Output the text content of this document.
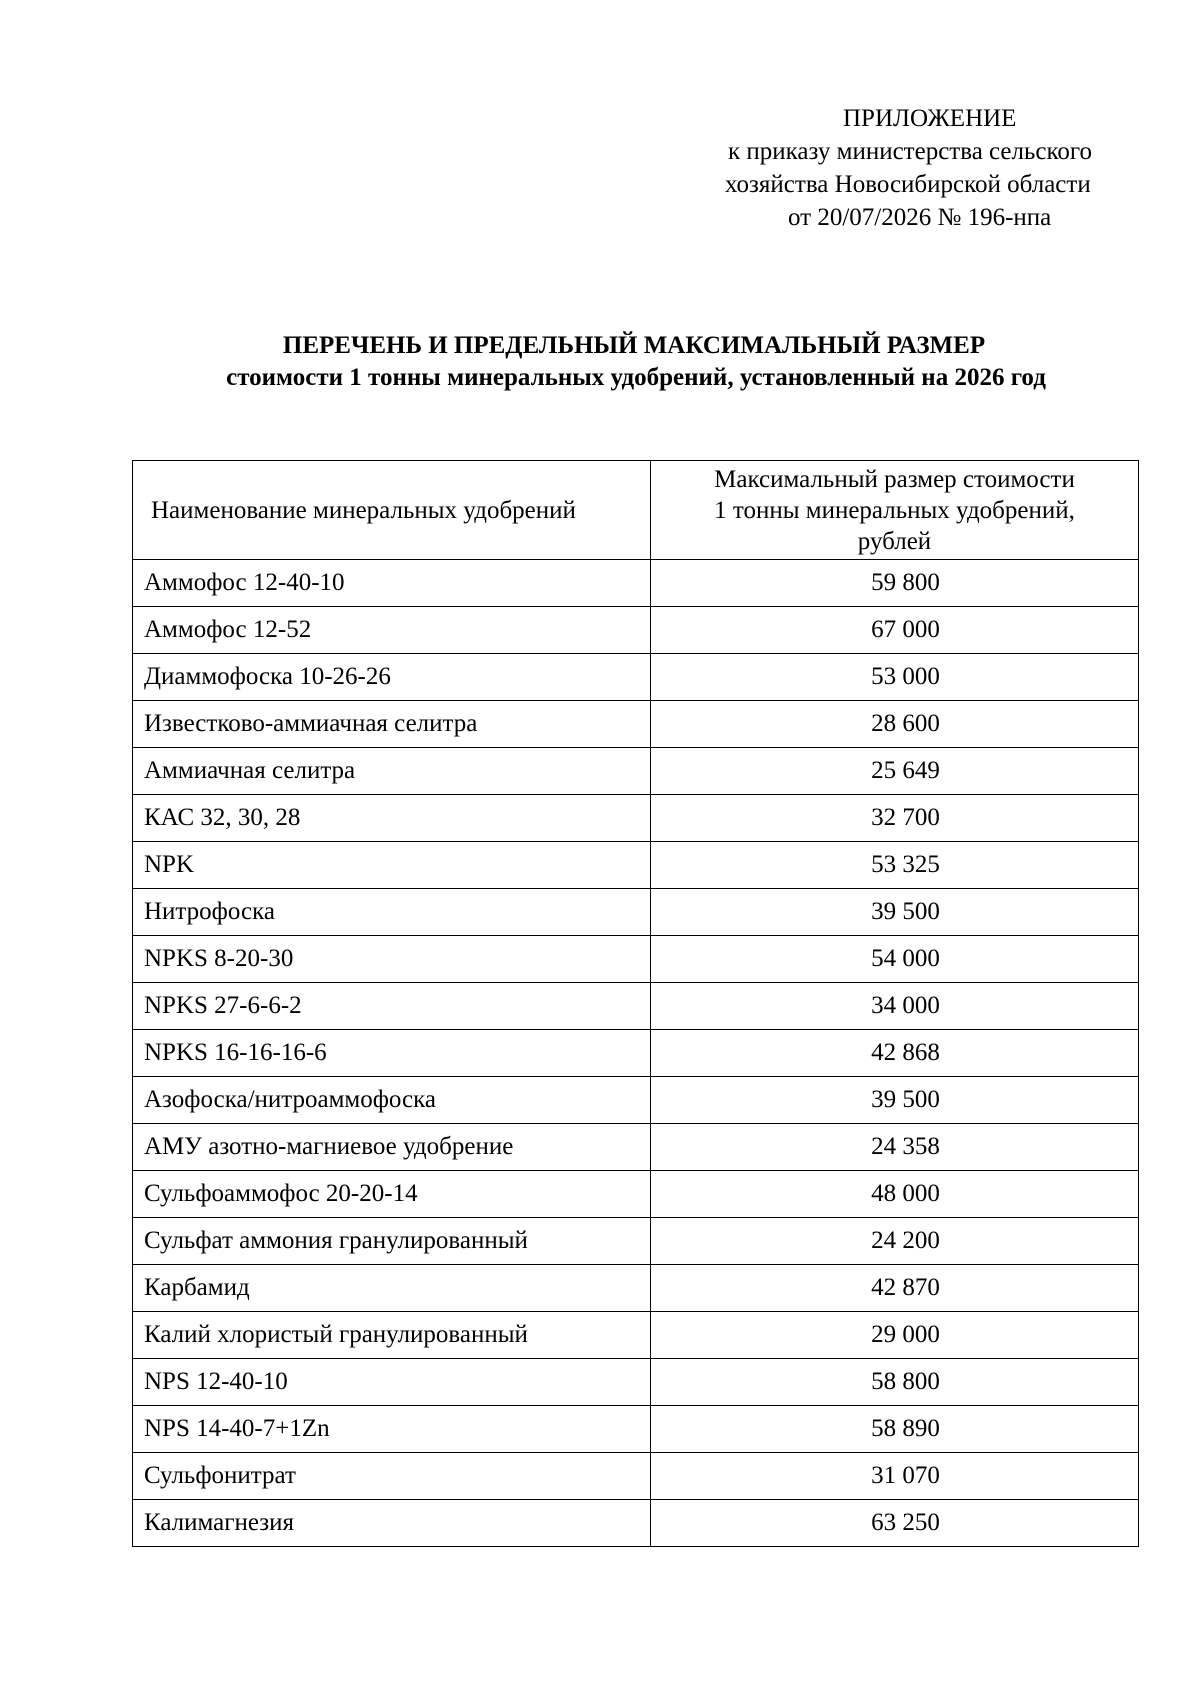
ПРИЛОЖЕНИЕ
к приказу министерства сельского
хозяйства Новосибирской области
от 20/07/2026 № 196-нпа
ПЕРЕЧЕНЬ И ПРЕДЕЛЬНЫЙ МАКСИМАЛЬНЫЙ РАЗМЕР
стоимости 1 тонны минеральных удобрений, установленный на 2026 год
Наименование минеральных удобрений	Максимальный размер стоимости
1 тонны минеральных удобрений,
рублей

Аммофос 12-40-10	59 800
Аммофос 12-52	67 000
Диаммофоска 10-26-26	53 000
Известково-аммиачная селитра	28 600
Аммиачная селитра	25 649
КАС 32, 30, 28	32 700
NPK	53 325
Нитрофоска	39 500
NPKS 8-20-30	54 000
NPKS 27-6-6-2	34 000
NPKS 16-16-16-6	42 868
Азофоска/нитроаммофоска	39 500
АМУ азотно-магниевое удобрение	24 358
Сульфоаммофос 20-20-14	48 000
Сульфат аммония гранулированный	24 200
Карбамид	42 870
Калий хлористый гранулированный	29 000
NPS 12-40-10	58 800
NPS 14-40-7+1Zn	58 890
Сульфонитрат	31 070
Калимагнезия	63 250
